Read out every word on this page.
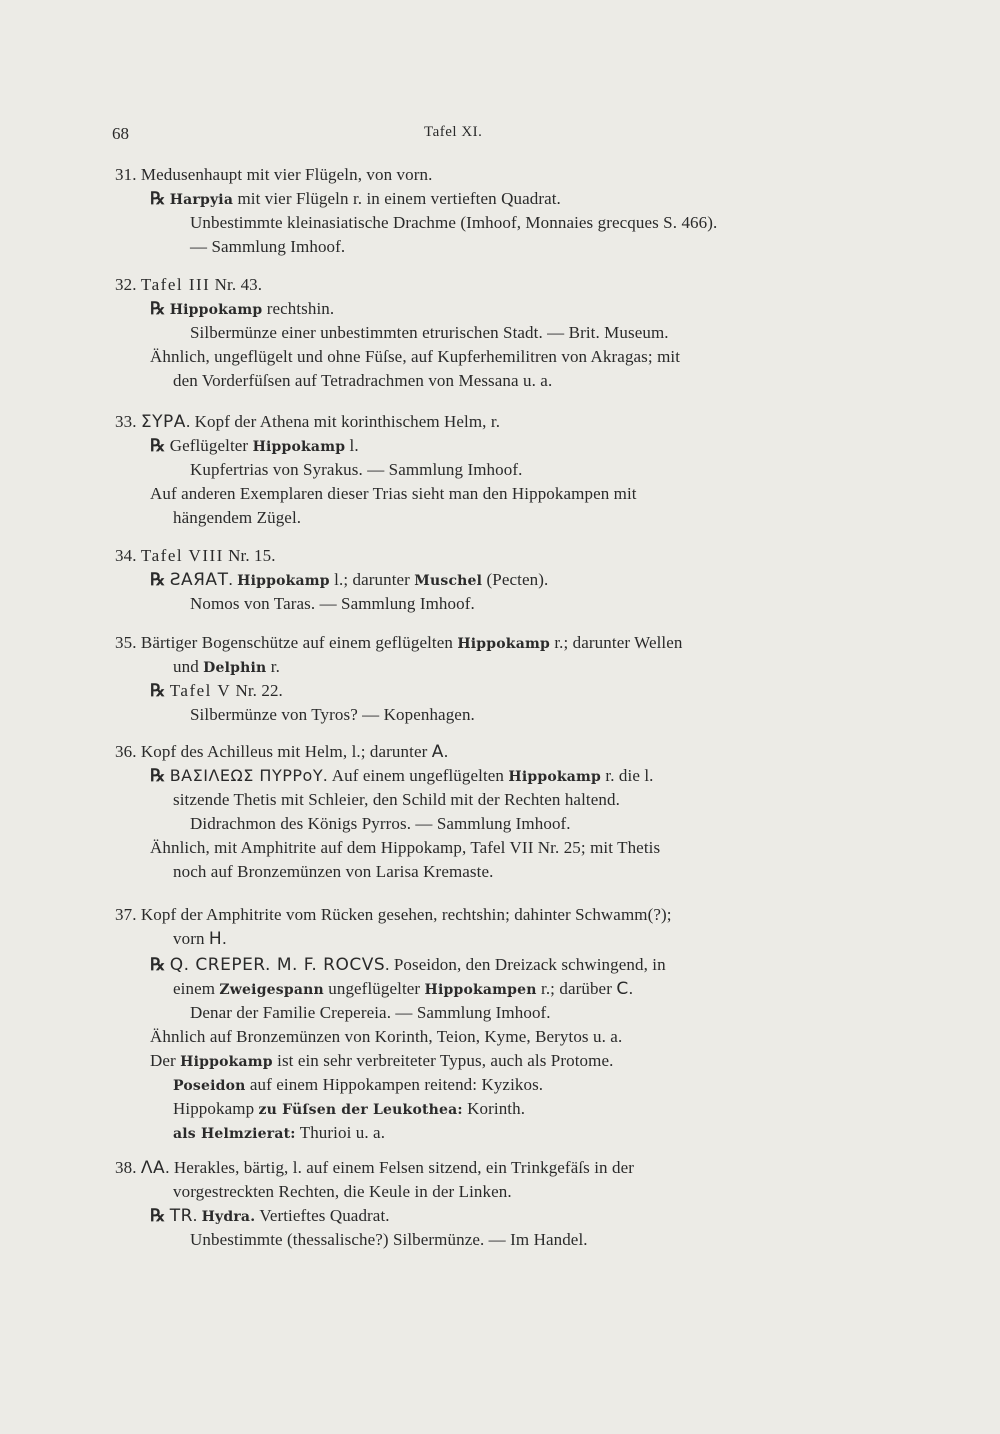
68	Tafel XI.
31. Medusenhaupt mit vier Flügeln, von vorn.
℞ Harpyia mit vier Flügeln r. in einem vertieften Quadrat.
Unbestimmte kleinasiatische Drachme (Imhoof, Monnaies grecques S. 466).
— Sammlung Imhoof.
32. Tafel III Nr. 43.
℞ Hippokamp rechtshin.
Silbermünze einer unbestimmten etrurischen Stadt. — Brit. Museum.
Ähnlich, ungeflügelt und ohne Füſse, auf Kupferhemilitren von Akragas; mit
den Vorderfüſsen auf Tetradrachmen von Messana u. a.
33. ΣΥΡΑ. Kopf der Athena mit korinthischem Helm, r.
℞ Geflügelter Hippokamp l.
Kupfertrias von Syrakus. — Sammlung Imhoof.
Auf anderen Exemplaren dieser Trias sieht man den Hippokampen mit
hängendem Zügel.
34. Tafel VIII Nr. 15.
℞ ƧΑЯΑΤ. Hippokamp l.; darunter Muschel (Pecten).
Nomos von Taras. — Sammlung Imhoof.
35. Bärtiger Bogenschütze auf einem geflügelten Hippokamp r.; darunter Wellen
und Delphin r.
℞ Tafel V Nr. 22.
Silbermünze von Tyros? — Kopenhagen.
36. Kopf des Achilleus mit Helm, l.; darunter A.
℞ ΒΑΣΙΛΕΩΣ ΠΥΡΡoΥ. Auf einem ungeflügelten Hippokamp r. die l.
sitzende Thetis mit Schleier, den Schild mit der Rechten haltend.
Didrachmon des Königs Pyrros. — Sammlung Imhoof.
Ähnlich, mit Amphitrite auf dem Hippokamp, Tafel VII Nr. 25; mit Thetis
noch auf Bronzemünzen von Larisa Kremaste.
37. Kopf der Amphitrite vom Rücken gesehen, rechtshin; dahinter Schwamm(?);
vorn H.
℞ Q. CREPER. M. F. ROCVS. Poseidon, den Dreizack schwingend, in
einem Zweigespann ungeflügelter Hippokampen r.; darüber C.
Denar der Familie Crepereia. — Sammlung Imhoof.
Ähnlich auf Bronzemünzen von Korinth, Teion, Kyme, Berytos u. a.
Der Hippokamp ist ein sehr verbreiteter Typus, auch als Protome.
Poseidon auf einem Hippokampen reitend: Kyzikos.
Hippokamp zu Füſsen der Leukothea: Korinth.
als Helmzierat: Thurioi u. a.
38. ΛΑ. Herakles, bärtig, l. auf einem Felsen sitzend, ein Trinkgefäſs in der
vorgestreckten Rechten, die Keule in der Linken.
℞ TR. Hydra. Vertieftes Quadrat.
Unbestimmte (thessalische?) Silbermünze. — Im Handel.
